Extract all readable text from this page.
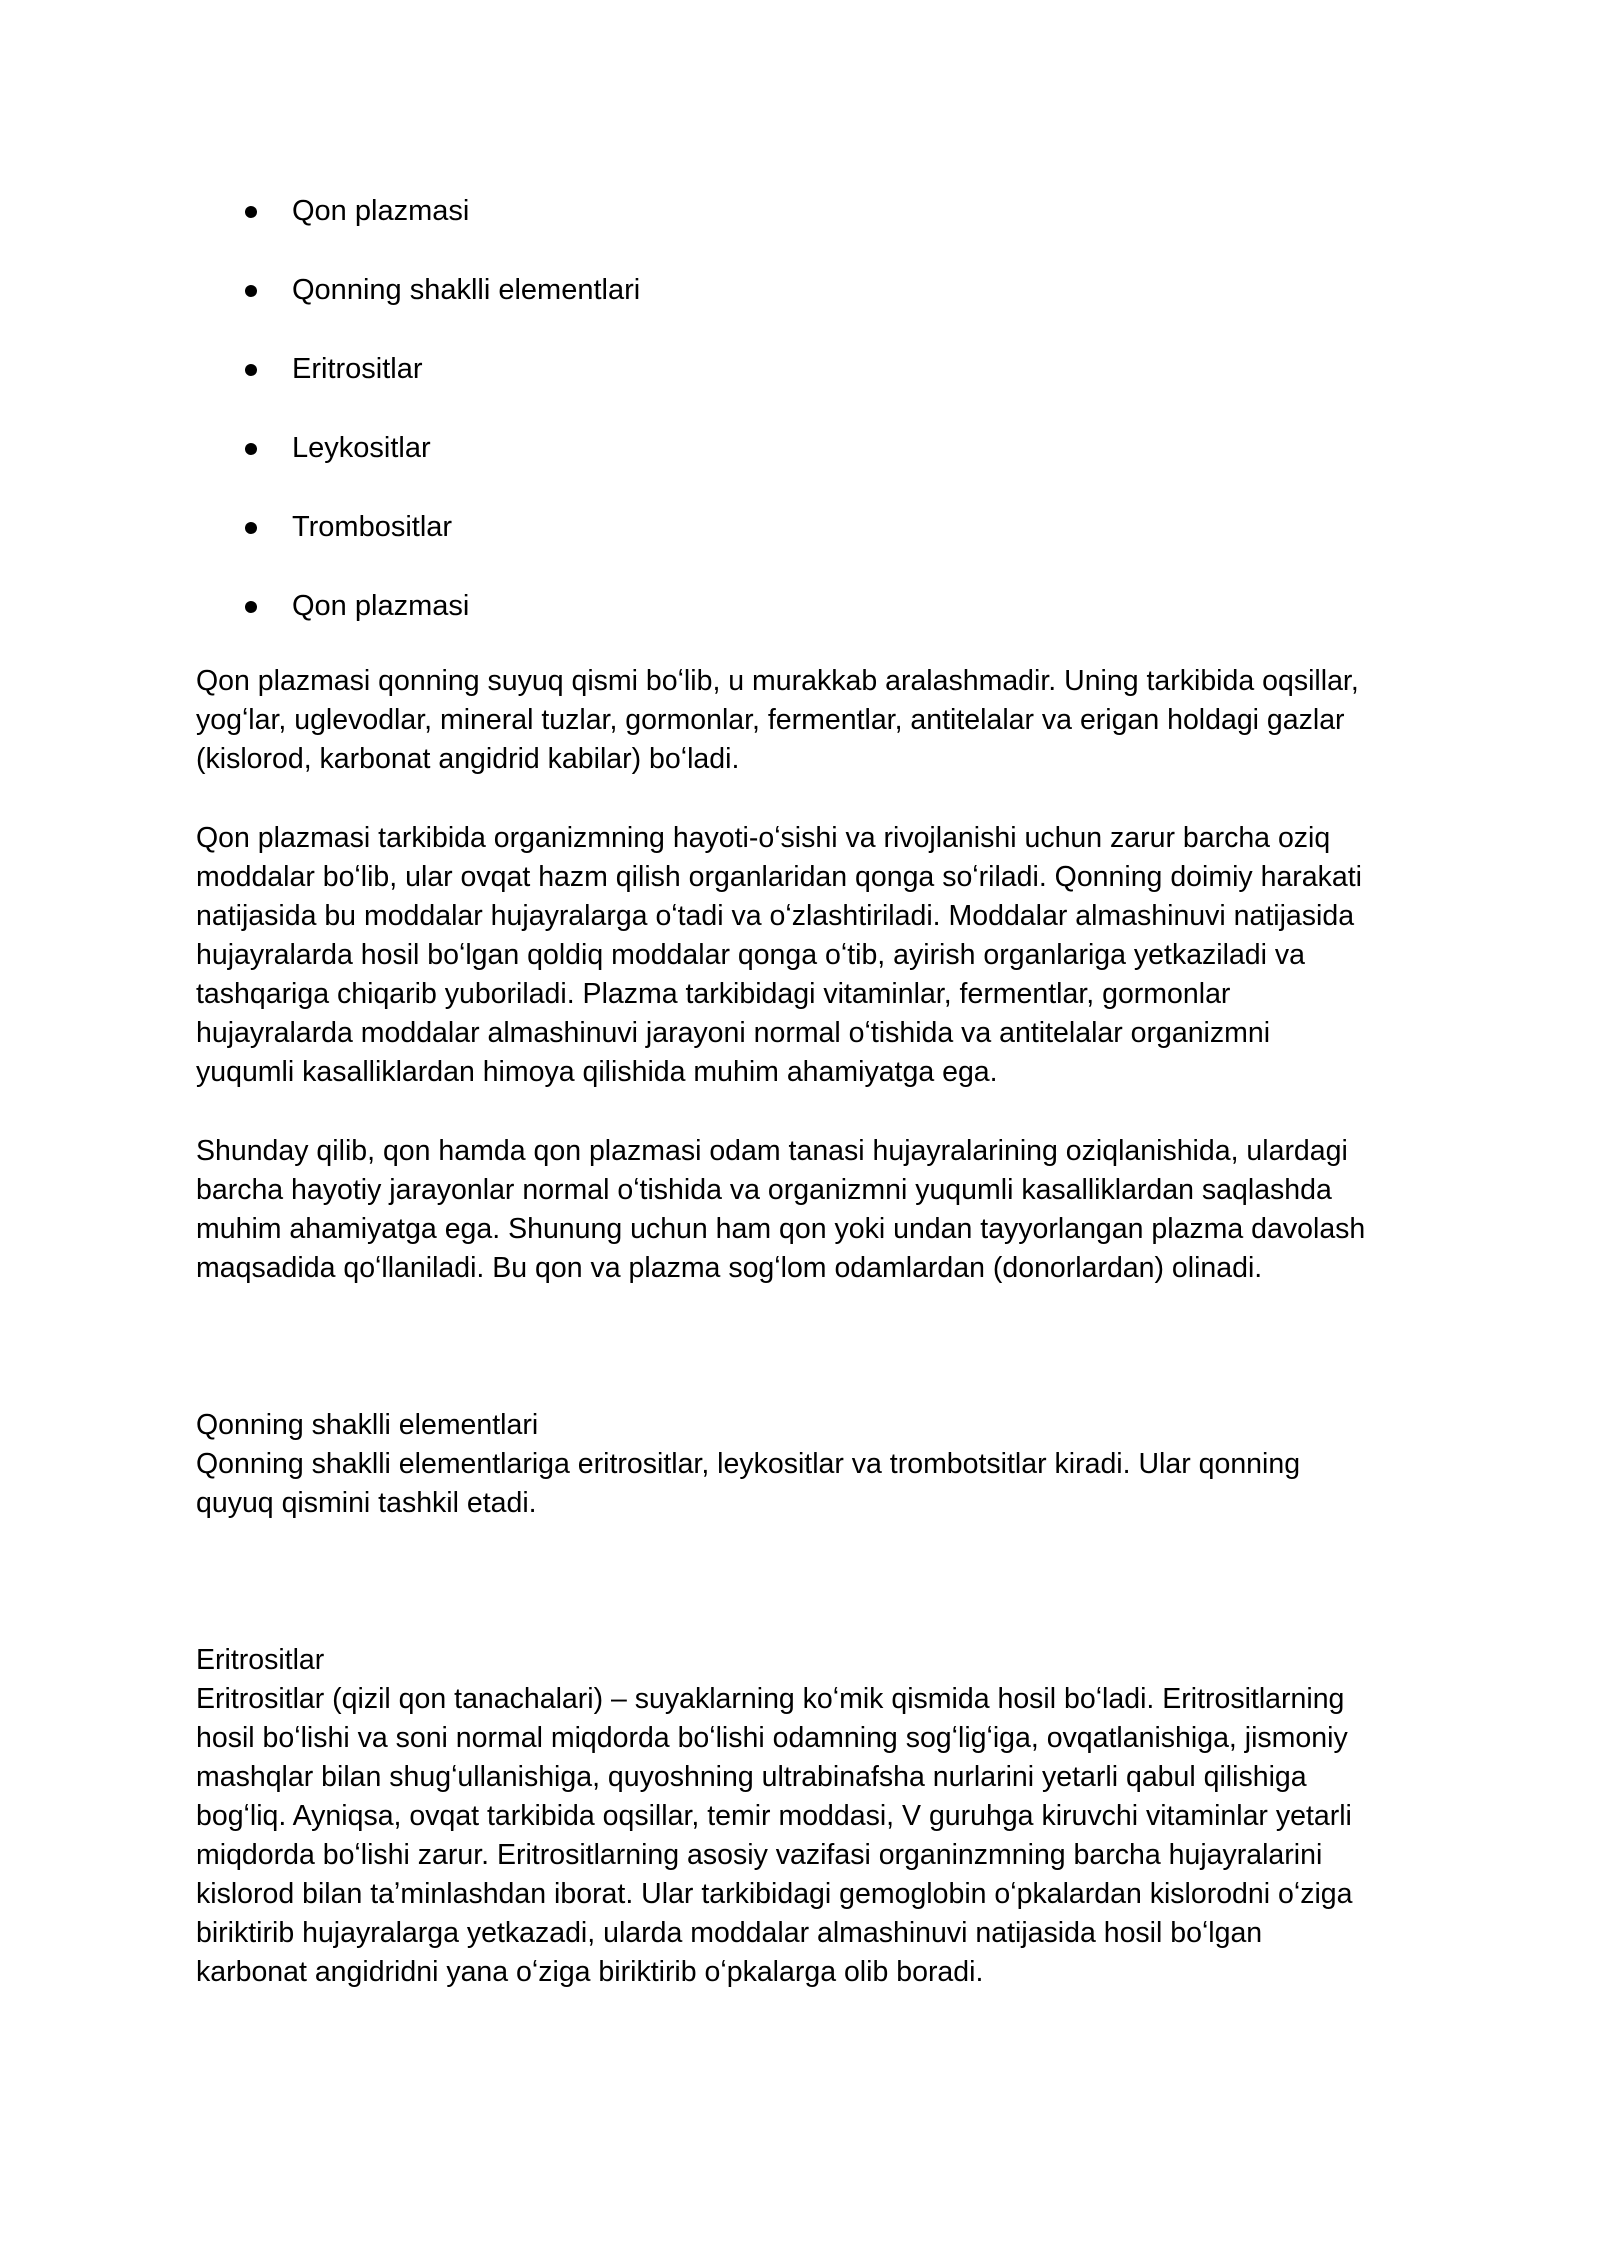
Qon plazmasi
Qonning shaklli elementlari
Eritrositlar
Leykositlar
Trombositlar
Qon plazmasi

Qon plazmasi qonning suyuq qismi boʻlib, u murakkab aralashmadir. Uning tarkibida oqsillar,

yogʻlar, uglevodlar, mineral tuzlar, gormonlar, fermentlar, antitelalar va erigan holdagi gazlar

(kislorod, karbonat angidrid kabilar) boʻladi.

Qon plazmasi tarkibida organizmning hayoti-oʻsishi va rivojlanishi uchun zarur barcha oziq

moddalar boʻlib, ular ovqat hazm qilish organlaridan qonga soʻriladi. Qonning doimiy harakati

natijasida bu moddalar hujayralarga oʻtadi va oʻzlashtiriladi. Moddalar almashinuvi natijasida

hujayralarda hosil boʻlgan qoldiq moddalar qonga oʻtib, ayirish organlariga yetkaziladi va

tashqariga chiqarib yuboriladi. Plazma tarkibidagi vitaminlar, fermentlar, gormonlar

hujayralarda moddalar almashinuvi jarayoni normal oʻtishida va antitelalar organizmni

yuqumli kasalliklardan himoya qilishida muhim ahamiyatga ega.

Shunday qilib, qon hamda qon plazmasi odam tanasi hujayralarining oziqlanishida, ulardagi

barcha hayotiy jarayonlar normal oʻtishida va organizmni yuqumli kasalliklardan saqlashda

muhim ahamiyatga ega. Shunung uchun ham qon yoki undan tayyorlangan plazma davolash

maqsadida qoʻllaniladi. Bu qon va plazma sogʻlom odamlardan (donorlardan) olinadi.

Qonning shaklli elementlari

Qonning shaklli elementlariga eritrositlar, leykositlar va trombotsitlar kiradi. Ular qonning

quyuq qismini tashkil etadi.

Eritrositlar

Eritrositlar (qizil qon tanachalari) – suyaklarning koʻmik qismida hosil boʻladi. Eritrositlarning

hosil boʻlishi va soni normal miqdorda boʻlishi odamning sogʻligʻiga, ovqatlanishiga, jismoniy

mashqlar bilan shugʻullanishiga, quyoshning ultrabinafsha nurlarini yetarli qabul qilishiga

bogʻliq. Ayniqsa, ovqat tarkibida oqsillar, temir moddasi, V guruhga kiruvchi vitaminlar yetarli

miqdorda boʻlishi zarur. Eritrositlarning asosiy vazifasi organinzmning barcha hujayralarini

kislorod bilan taʼminlashdan iborat. Ular tarkibidagi gemoglobin oʻpkalardan kislorodni oʻziga

biriktirib hujayralarga yetkazadi, ularda moddalar almashinuvi natijasida hosil boʻlgan

karbonat angidridni yana oʻziga biriktirib oʻpkalarga olib boradi.
